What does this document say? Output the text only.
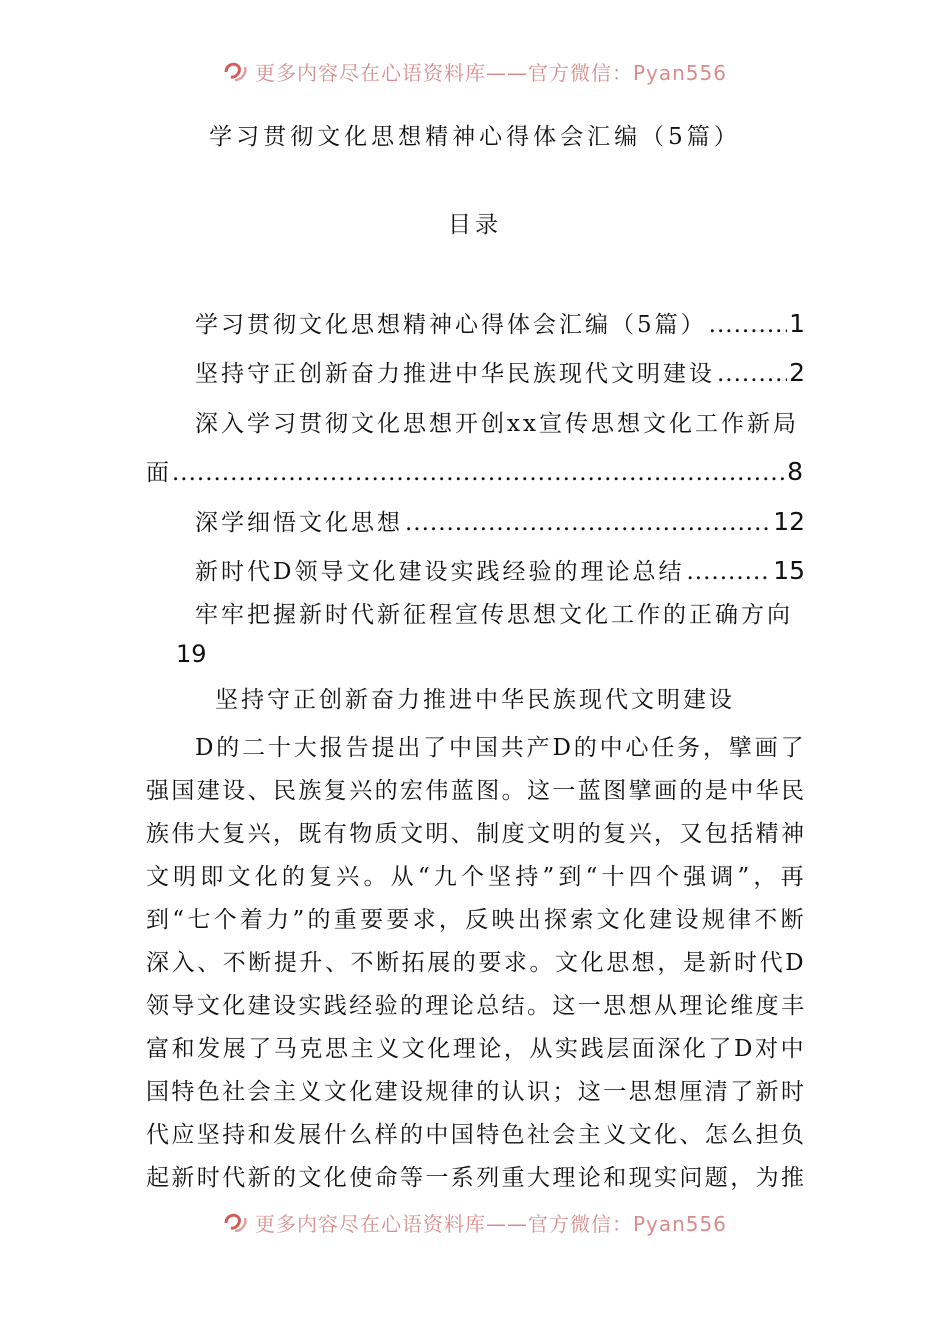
更多内容尽在心语资料库——官方微信：Pyan556
学习贯彻文化思想精神心得体会汇编（5篇）
目录
学习贯彻文化思想精神心得体会汇编（5篇） .....	1
坚持守正创新奋力推进中华民族现代文明建设 .....	2
深入学习贯彻文化思想开创xx宣传思想文化工作新局
面 .....	8
深学细悟文化思想 .....	12
新时代D领导文化建设实践经验的理论总结 .....	15
牢牢把握新时代新征程宣传思想文化工作的正确方向
19
坚持守正创新奋力推进中华民族现代文明建设
D的二十大报告提出了中国共产D的中心任务，擘画了
强国建设、民族复兴的宏伟蓝图。这一蓝图擘画的是中华民
族伟大复兴，既有物质文明、制度文明的复兴，又包括精神
文明即文化的复兴。从“九个坚持”到“十四个强调”，再
到“七个着力”的重要要求，反映出探索文化建设规律不断
深入、不断提升、不断拓展的要求。文化思想，是新时代D
领导文化建设实践经验的理论总结。这一思想从理论维度丰
富和发展了马克思主义文化理论，从实践层面深化了D对中
国特色社会主义文化建设规律的认识；这一思想厘清了新时
代应坚持和发展什么样的中国特色社会主义文化、怎么担负
起新时代新的文化使命等一系列重大理论和现实问题，为推
更多内容尽在心语资料库——官方微信：Pyan556
